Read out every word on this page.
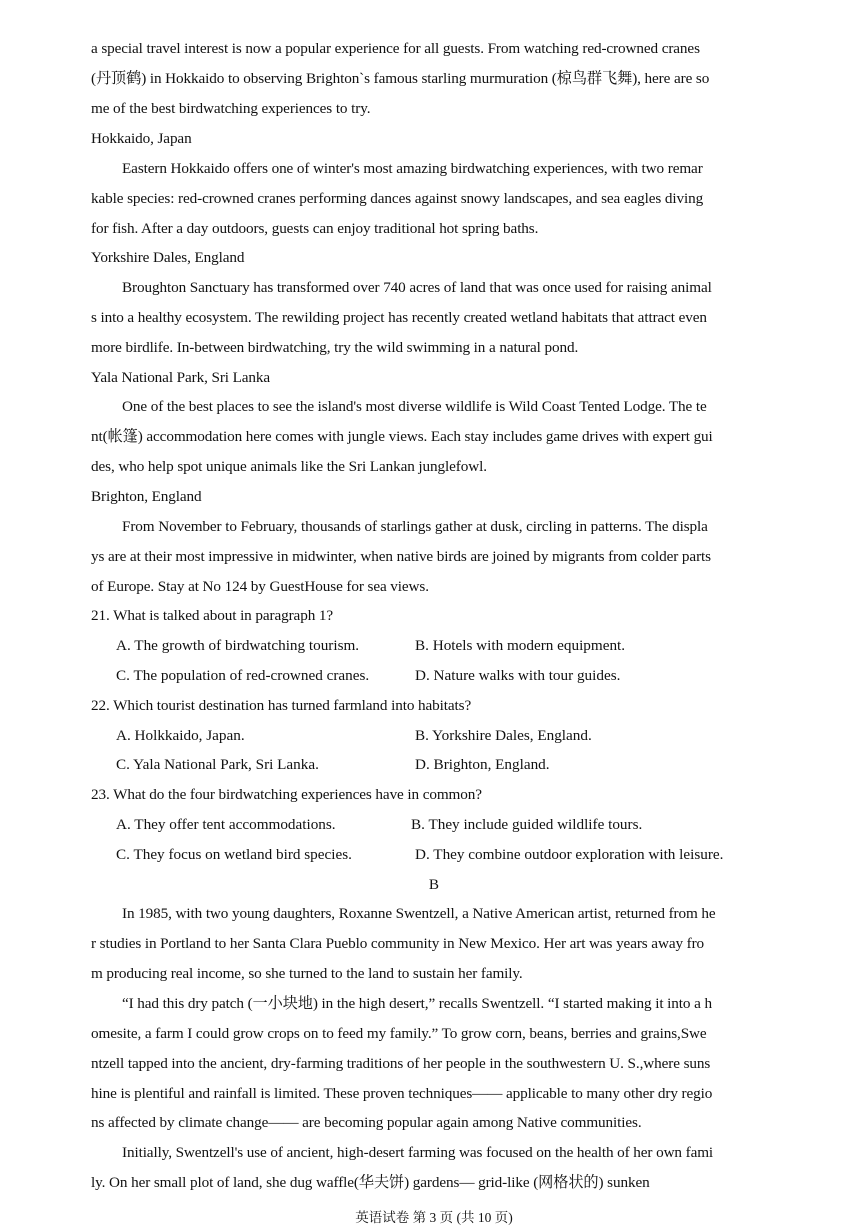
a special travel interest is now a popular experience for all guests. From watching red-crowned cranes
(丹顶鹤) in Hokkaido to observing Brighton`s famous starling murmuration (椋鸟群飞舞), here are so
me of the best birdwatching experiences to try.
Hokkaido, Japan
Eastern Hokkaido offers one of winter's most amazing birdwatching experiences, with two remar
kable species: red-crowned cranes performing dances against snowy landscapes, and sea eagles diving
for fish. After a day outdoors, guests can enjoy traditional hot spring baths.
Yorkshire Dales, England
Broughton Sanctuary has transformed over 740 acres of land that was once used for raising animal
s into a healthy ecosystem. The rewilding project has recently created wetland habitats that attract even
more birdlife. In-between birdwatching, try the wild swimming in a natural pond.
Yala National Park, Sri Lanka
One of the best places to see the island's most diverse wildlife is Wild Coast Tented Lodge. The te
nt(帐篷) accommodation here comes with jungle views. Each stay includes game drives with expert gui
des, who help spot unique animals like the Sri Lankan junglefowl.
Brighton, England
From November to February, thousands of starlings gather at dusk, circling in patterns. The displa
ys are at their most impressive in midwinter, when native birds are joined by migrants from colder parts
of Europe. Stay at No 124 by GuestHouse for sea views.
21. What is talked about in paragraph 1?
A. The growth of birdwatching tourism.	B. Hotels with modern equipment.
C. The population of red-crowned cranes.	D. Nature walks with tour guides.
22. Which tourist destination has turned farmland into habitats?
A. Holkkaido, Japan.	B. Yorkshire Dales, England.
C. Yala National Park, Sri Lanka.	D. Brighton, England.
23. What do the four birdwatching experiences have in common?
A. They offer tent accommodations.	B. They include guided wildlife tours.
C. They focus on wetland bird species.	D. They combine outdoor exploration with leisure.
B
In 1985, with two young daughters, Roxanne Swentzell, a Native American artist, returned from he
r studies in Portland to her Santa Clara Pueblo community in New Mexico. Her art was years away fro
m producing real income, so she turned to the land to sustain her family.
“I had this dry patch (一小块地) in the high desert,” recalls Swentzell. “I started making it into a h
omesite, a farm I could grow crops on to feed my family.” To grow corn, beans, berries and grains,Swe
ntzell tapped into the ancient, dry-farming traditions of her people in the southwestern U. S.,where suns
hine is plentiful and rainfall is limited. These proven techniques—— applicable to many other dry regio
ns affected by climate change—— are becoming popular again among Native communities.
Initially, Swentzell's use of ancient, high-desert farming was focused on the health of her own fami
ly. On her small plot of land, she dug waffle(华夫饼) gardens— grid-like (网格状的) sunken
英语试卷 第 3 页 (共 10 页)
